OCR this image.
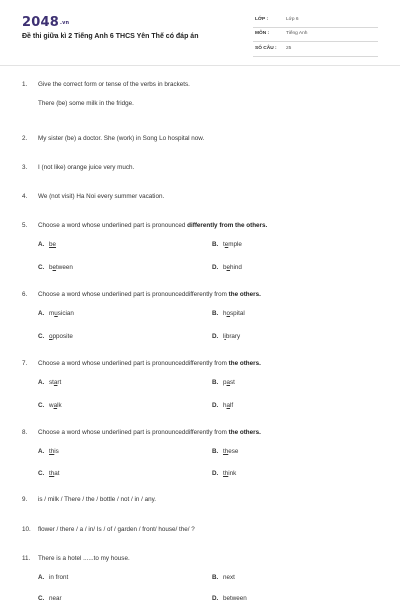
2048.vn
Đề thi giữa kì 2 Tiếng Anh 6 THCS Yên Thế có đáp án
LỚP :	Lớp 6
MÔN :	Tiếng Anh
SỐ CÂU : 25
1. Give the correct form or tense of the verbs in brackets.
There (be) some milk in the fridge.
2. My sister (be) a doctor. She (work) in Song Lo hospital now.
3. I (not like) orange juice very much.
4. We (not visit) Ha Noi every summer vacation.
5. Choose a word whose underlined part is pronounced differently from the others.
A. be	B. temple
C. between	D. behind
6. Choose a word whose underlined part is pronounceddifferently from the others.
A. musician	B. hospital
C. opposite	D. library
7. Choose a word whose underlined part is pronounceddifferently from the others.
A. start	B. past
C. walk	D. half
8. Choose a word whose underlined part is pronounceddifferently from the others.
A. this	B. these
C. that	D. think
9. is / milk / There / the / bottle / not / in / any.
10. flower / there / a / in/ Is / of / garden / front/ house/ the/ ?
11. There is a hotel ......to my house.
A. in front	B. next
C. near	D. between
